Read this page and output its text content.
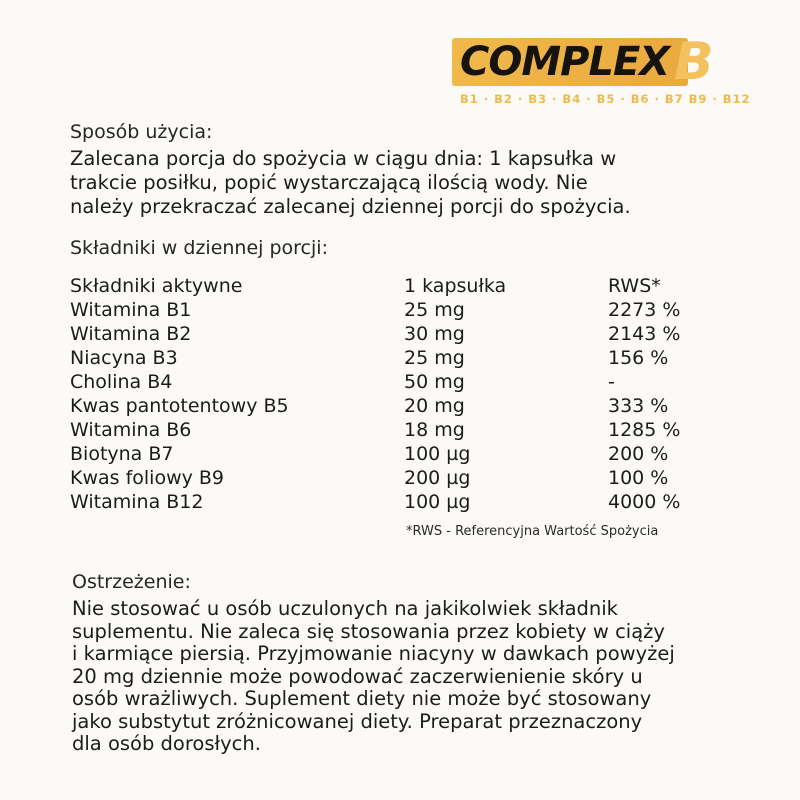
COMPLEX B
B1 · B2 · B3 · B4 · B5 · B6 · B7 B9 · B12
Sposób użycia:
Zalecana porcja do spożycia w ciągu dnia: 1 kapsułka w
trakcie posiłku, popić wystarczającą ilością wody. Nie
należy przekraczać zalecanej dziennej porcji do spożycia.
Składniki w dziennej porcji:
Składniki aktywne	1 kapsułka	RWS*
Witamina B1	25 mg	2273 %
Witamina B2	30 mg	2143 %
Niacyna B3	25 mg	156 %
Cholina B4	50 mg	-
Kwas pantotentowy B5	20 mg	333 %
Witamina B6	18 mg	1285 %
Biotyna B7	100 µg	200 %
Kwas foliowy B9	200 µg	100 %
Witamina B12	100 µg	4000 %
*RWS - Referencyjna Wartość Spożycia
Ostrzeżenie:
Nie stosować u osób uczulonych na jakikolwiek składnik
suplementu. Nie zaleca się stosowania przez kobiety w ciąży
i karmiące piersią. Przyjmowanie niacyny w dawkach powyżej
20 mg dziennie może powodować zaczerwienienie skóry u
osób wrażliwych. Suplement diety nie może być stosowany
jako substytut zróżnicowanej diety. Preparat przeznaczony
dla osób dorosłych.
